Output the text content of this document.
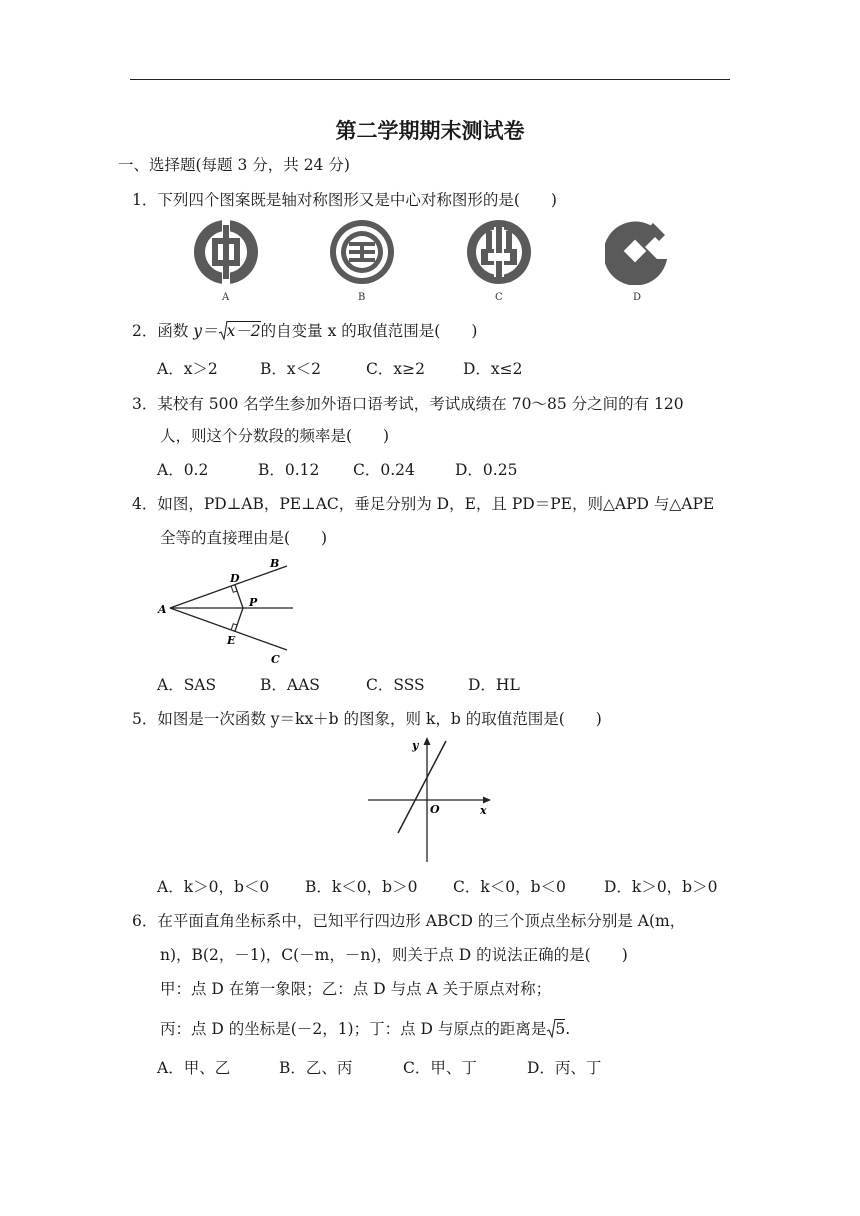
第二学期期末测试卷
一、选择题(每题 3 分，共 24 分)
1．下列四个图案既是轴对称图形又是中心对称图形的是(　　)
A	B	C	D
2．函数 y＝ x－2的自变量 x 的取值范围是(　　)
A．x＞2	B．x＜2	C．x≥2 D．x≤2
3．某校有 500 名学生参加外语口语考试，考试成绩在 70～85 分之间的有 120
人，则这个分数段的频率是(　　)
A．0.2	B．0.12 C．0.24	D．0.25
4．如图，PD⊥AB，PE⊥AC，垂足分别为 D，E，且 PD＝PE，则△APD 与△APE
全等的直接理由是(　　)
A
B
C
D
E
P
A．SAS	B．AAS	C．SSS	D．HL
5．如图是一次函数 y＝kx＋b 的图象，则 k，b 的取值范围是(　　)
y
x
O
A．k＞0，b＜0 B．k＜0，b＞0 C．k＜0，b＜0 D．k＞0，b＞0
6．在平面直角坐标系中，已知平行四边形 ABCD 的三个顶点坐标分别是 A(m，
n)，B(2，－1)，C(－m，－n)，则关于点 D 的说法正确的是(　　)
甲：点 D 在第一象限；乙：点 D 与点 A 关于原点对称；
丙：点 D 的坐标是(－2，1)；丁：点 D 与原点的距离是 5.
A．甲、乙	B．乙、丙	C．甲、丁	D．丙、丁
